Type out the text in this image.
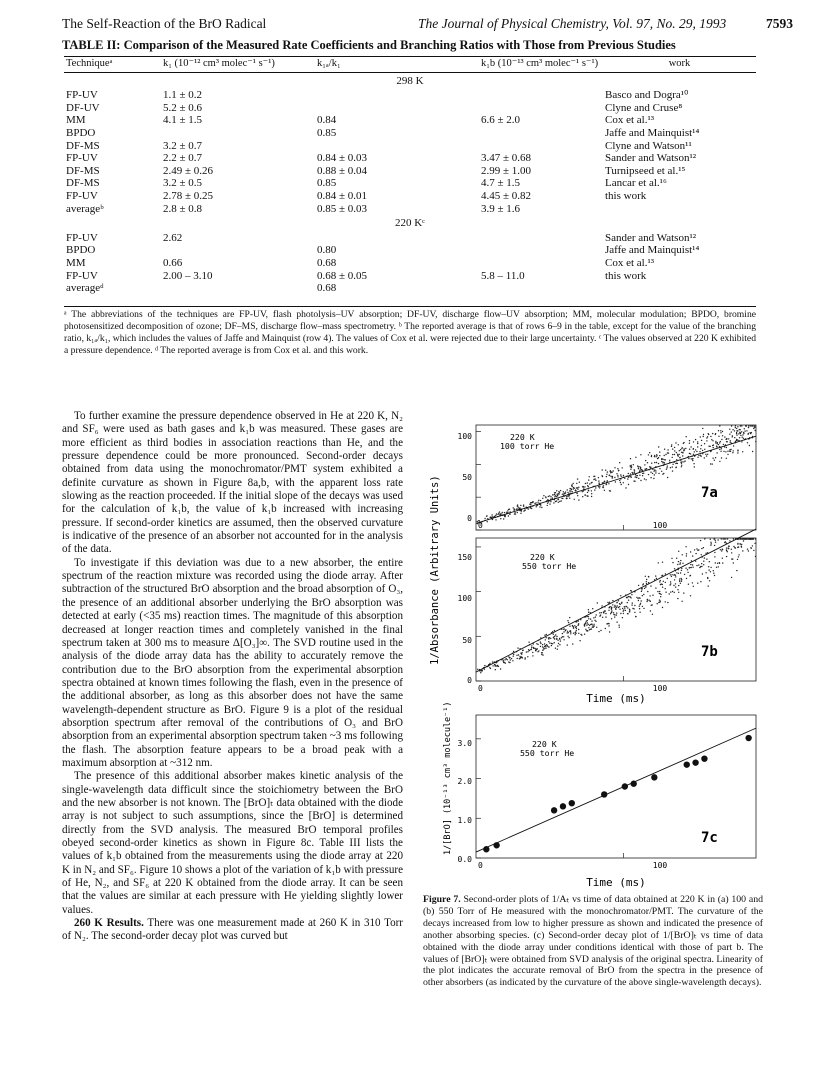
The Self-Reaction of the BrO Radical	The Journal of Physical Chemistry, Vol. 97, No. 29, 1993	7593
TABLE II: Comparison of the Measured Rate Coefficients and Branching Ratios with Those from Previous Studies
Techniqueᵃ	k₁ (10⁻¹² cm³ molec⁻¹ s⁻¹)	k₁ₐ/k₁	k₁b (10⁻¹³ cm³ molec⁻¹ s⁻¹)	work
298 K				
FP-UV	1.1 ± 0.2			Basco and Dogra¹⁰
DF-UV	5.2 ± 0.6			Clyne and Cruse⁸
MM	4.1 ± 1.5	0.84	6.6 ± 2.0	Cox et al.¹³
BPDO		0.85		Jaffe and Mainquist¹⁴
DF-MS	3.2 ± 0.7			Clyne and Watson¹¹
FP-UV	2.2 ± 0.7	0.84 ± 0.03	3.47 ± 0.68	Sander and Watson¹²
DF-MS	2.49 ± 0.26	0.88 ± 0.04	2.99 ± 1.00	Turnipseed et al.¹⁵
DF-MS	3.2 ± 0.5	0.85	4.7 ± 1.5	Lancar et al.¹⁶
FP-UV	2.78 ± 0.25	0.84 ± 0.01	4.45 ± 0.82	this work
averageᵇ	2.8 ± 0.8	0.85 ± 0.03	3.9 ± 1.6	
220 Kᶜ				
FP-UV	2.62			Sander and Watson¹²
BPDO		0.80		Jaffe and Mainquist¹⁴
MM	0.66	0.68		Cox et al.¹³
FP-UV	2.00 – 3.10	0.68 ± 0.05	5.8 – 11.0	this work
averageᵈ		0.68		
ᵃ The abbreviations of the techniques are FP-UV, flash photolysis–UV absorption; DF-UV, discharge flow–UV absorption; MM, molecular modulation; BPDO, bromine photosensitized decomposition of ozone; DF–MS, discharge flow–mass spectrometry. ᵇ The reported average is that of rows 6–9 in the table, except for the value of the branching ratio, k₁ₐ/k₁, which includes the values of Jaffe and Mainquist (row 4). The values of Cox et al. were rejected due to their large uncertainty. ᶜ The values observed at 220 K exhibited a pressure dependence. ᵈ The reported average is from Cox et al. and this work.

To further examine the pressure dependence observed in He at 220 K, N₂ and SF₆ were used as bath gases and k₁b was measured. These gases are more efficient as third bodies in association reactions than He, and the pressure dependence could be more pronounced. Second-order decays obtained from data using the monochromator/PMT system exhibited a definite curvature as shown in Figure 8a,b, with the apparent loss rate slowing as the reaction proceeded. If the initial slope of the decays was used for the calculation of k₁b, the value of k₁b increased with increasing pressure. If second-order kinetics are assumed, then the observed curvature is indicative of the presence of an absorber not accounted for in the analysis of the data.

To investigate if this deviation was due to a new absorber, the entire spectrum of the reaction mixture was recorded using the diode array. After subtraction of the structured BrO absorption and the broad absorption of O₃, the presence of an additional absorber underlying the BrO absorption was detected at early (<35 ms) reaction times. The magnitude of this absorption decreased at longer reaction times and completely vanished in the final spectrum taken at 300 ms to measure Δ[O₃]∞. The SVD routine used in the analysis of the diode array data has the ability to accurately remove the contribution due to the BrO absorption from the experimental absorption spectra obtained at known times following the flash, even in the presence of the additional absorber, as long as this absorber does not have the same wavelength-dependent structure as BrO. Figure 9 is a plot of the residual absorption spectrum after removal of the contributions of O₃ and BrO absorption from an experimental absorption spectrum taken ~3 ms following the flash. The absorption feature appears to be a broad peak with a maximum absorption at ~312 nm.

The presence of this additional absorber makes kinetic analysis of the single-wavelength data difficult since the stoichiometry between the BrO and the new absorber is not known. The [BrO]ₜ data obtained with the diode array is not subject to such assumptions, since the [BrO] is determined directly from the SVD analysis. The measured BrO temporal profiles obeyed second-order kinetics as shown in Figure 8c. Table III lists the values of k₁b obtained from the measurements using the diode array at 220 K in N₂ and SF₆. Figure 10 shows a plot of the variation of k₁b with pressure of He, N₂, and SF₆ at 220 K obtained from the diode array. It can be seen that the values are similar at each pressure with He yielding slightly lower values.

260 K Results. There was one measurement made at 260 K in 310 Torr of N₂. The second-order decay plot was curved but

220 K
100 torr He
7a
0
50
100
0	100
220 K
550 torr He
7b
0
50
100
150
0	100
Time (ms)
1/Absorbance (Arbitrary Units)
220 K
550 torr He
7c
0.0
1.0
2.0
3.0
0	100
Time (ms)
1/[BrO] (10⁻¹³ cm³ molecule⁻¹)
Figure 7. Second-order plots of 1/Aₜ vs time of data obtained at 220 K in (a) 100 and (b) 550 Torr of He measured with the monochromator/PMT. The curvature of the decays increased from low to higher pressure as shown and indicated the presence of another absorbing species. (c) Second-order decay plot of 1/[BrO]ₜ vs time of data obtained with the diode array under conditions identical with those of part b. The values of [BrO]ₜ were obtained from SVD analysis of the original spectra. Linearity of the plot indicates the accurate removal of BrO from the spectra in the presence of other absorbers (as indicated by the curvature of the above single-wavelength decays).
